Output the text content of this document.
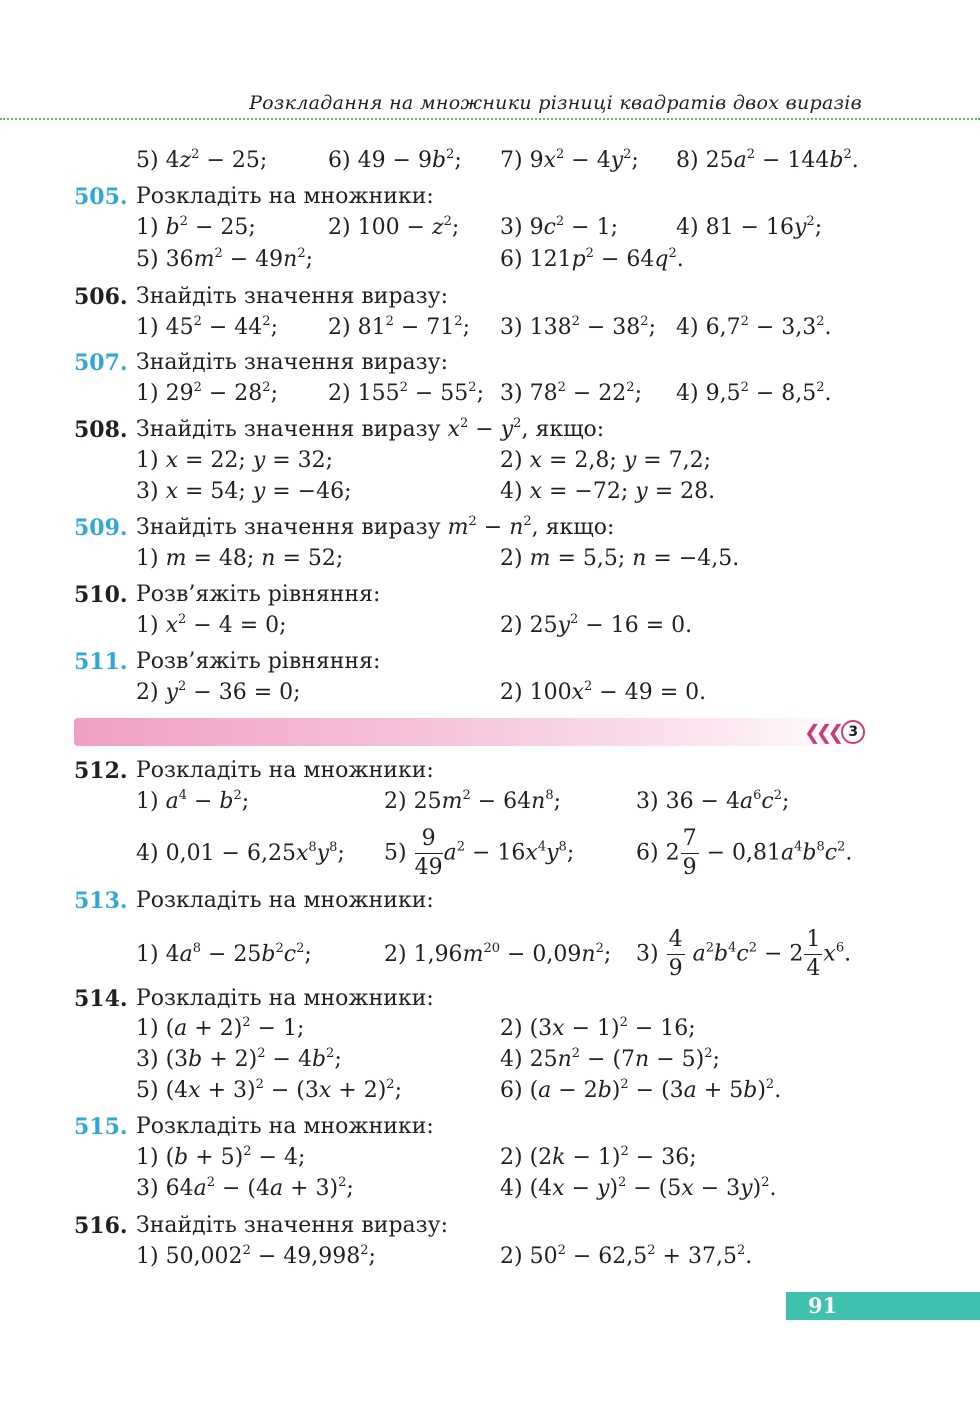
Розкладання на множники різниці квадратів двох виразів
5) $4z^2 - 25$;	6) $49 - 9b^2$; 7) $9x^2 - 4y^2$; 8) $25a^2 - 144b^2$.
505. Розкладіть на множники:
1) $b^2 - 25$;	2) $100 - z^2$; 3) $9c^2 - 1$;	4) $81 - 16y^2$;
5) $36m^2 - 49n^2$;	6) $121p^2 - 64q^2$.
506. Знайдіть значення виразу:
1) $45^2 - 44^2$; 2) $81^2 - 71^2$; 3) $138^2 - 38^2$; 4) $6,7^2 - 3,3^2$.
507. Знайдіть значення виразу:
1) $29^2 - 28^2$; 2) $155^2 - 55^2$; 3) $78^2 - 22^2$; 4) $9,5^2 - 8,5^2$.
508. Знайдіть значення виразу $x^2 - y^2$, якщо:
1) x = 22; y = 32;	2) x = 2,8; y = 7,2;
3) x = 54; y = −46;	4) x = −72; y = 28.
509. Знайдіть значення виразу $m^2 - n^2$, якщо:
1) m = 48; n = 52;	2) m = 5,5; n = −4,5.
510. Розв’яжіть рівняння:
1) $x^2 - 4 = 0$;	2) $25y^2 - 16 = 0$.
511. Розв’яжіть рівняння:
2) $y^2 - 36 = 0$;	2) $100x^2 - 49 = 0$.
❮❮❮ 3
512. Розкладіть на множники:
1) $a^4 - b^2$;	2) $25m^2 - 64n^8$;	3) $36 - 4a^6c^2$;
4) $0,01 - 6,25x^8y^8$; $5) \frac{9}{49} a^2 - 16x^4y^8$;	6) $2 \frac{7}{9} - 0,81a^4b^8c^2$.
513. Розкладіть на множники:
1) $4a^8 - 25b^2c^2$;	2) $1,96m^{20} - 0,09n^2$; $3) \frac{4}{9} a^2b^4c^2 - 2 \frac{1}{4} x^6$.
514. Розкладіть на множники:
1) $(a + 2)^2 - 1$;	2) $(3x - 1)^2 - 16$;
3) $(3b + 2)^2 - 4b^2$;	4) $25n^2 - (7n - 5)^2$;
5) $(4x + 3)^2 - (3x + 2)^2$;	6) $(a - 2b)^2 - (3a + 5b)^2$.
515. Розкладіть на множники:
1) $(b + 5)^2 - 4$;	2) $(2k - 1)^2 - 36$;
3) $64a^2 - (4a + 3)^2$;	4) $(4x - y)^2 - (5x - 3y)^2$.
516. Знайдіть значення виразу:
1) $50,002^2 - 49,998^2$;	2) $50^2 - 62,5^2 + 37,5^2$.
91
